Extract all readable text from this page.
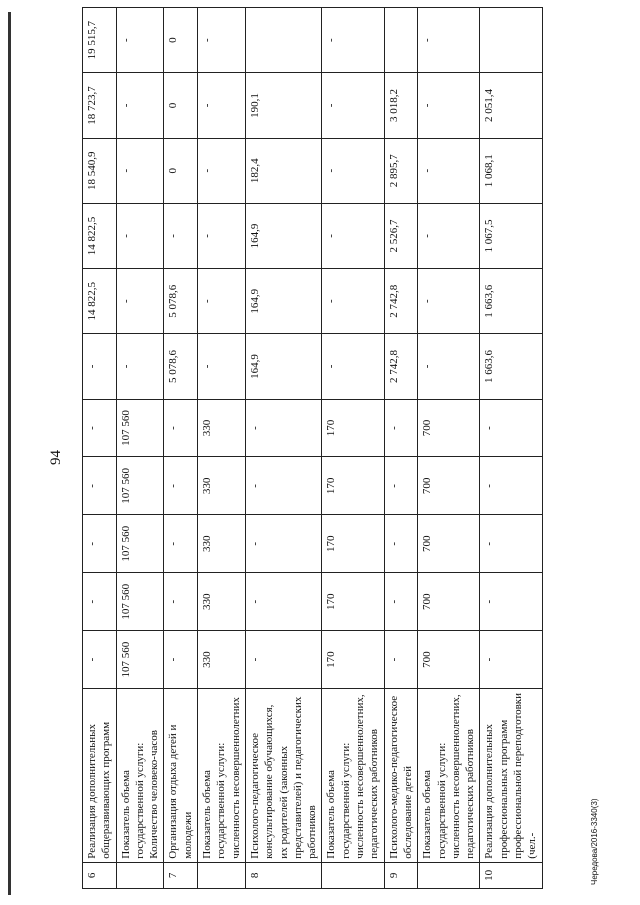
94
6	Реализация дополнительных общеразвивающих программ	-	-	-	-	-	-	14 822,5	14 822,5	18 540,9	18 723,7	19 515,7
	Показатель объема государственной услуги: Количество человеко-часов	107 560	107 560	107 560	107 560	107 560	-	-	-	-	-	-
7	Организация отдыха детей и молодежи	-	-	-	-	-	5 078,6	5 078,6	-	0	0	0
	Показатель объема государственной услуги: численность несовершеннолетних	330	330	330	330	330	-	-	-	-	-	-
8	Психолого-педагогическое консультирование обучающихся, их родителей (законных представителей) и педагогических работников	-	-	-	-	-	164,9	164,9	164,9	182,4	190,1	
	Показатель объема государственной услуги: численность несовершеннолетних, педагогических работников	170	170	170	170	170	-	-	-	-	-	-
9	Психолого-медико-педагогическое обследование детей	-	-	-	-	-	2 742,8	2 742,8	2 526,7	2 895,7	3 018,2	
	Показатель объема государственной услуги: численность несовершеннолетних, педагогических работников	700	700	700	700	700	-	-	-	-	-	-
10	Реализация дополнительных профессиональных программ профессиональной переподготовки (чел.-	-	-	-	-	-	1 663,6	1 663,6	1 067,5	1 068,1	2 051,4	
Чередова/2016-3340(3)
